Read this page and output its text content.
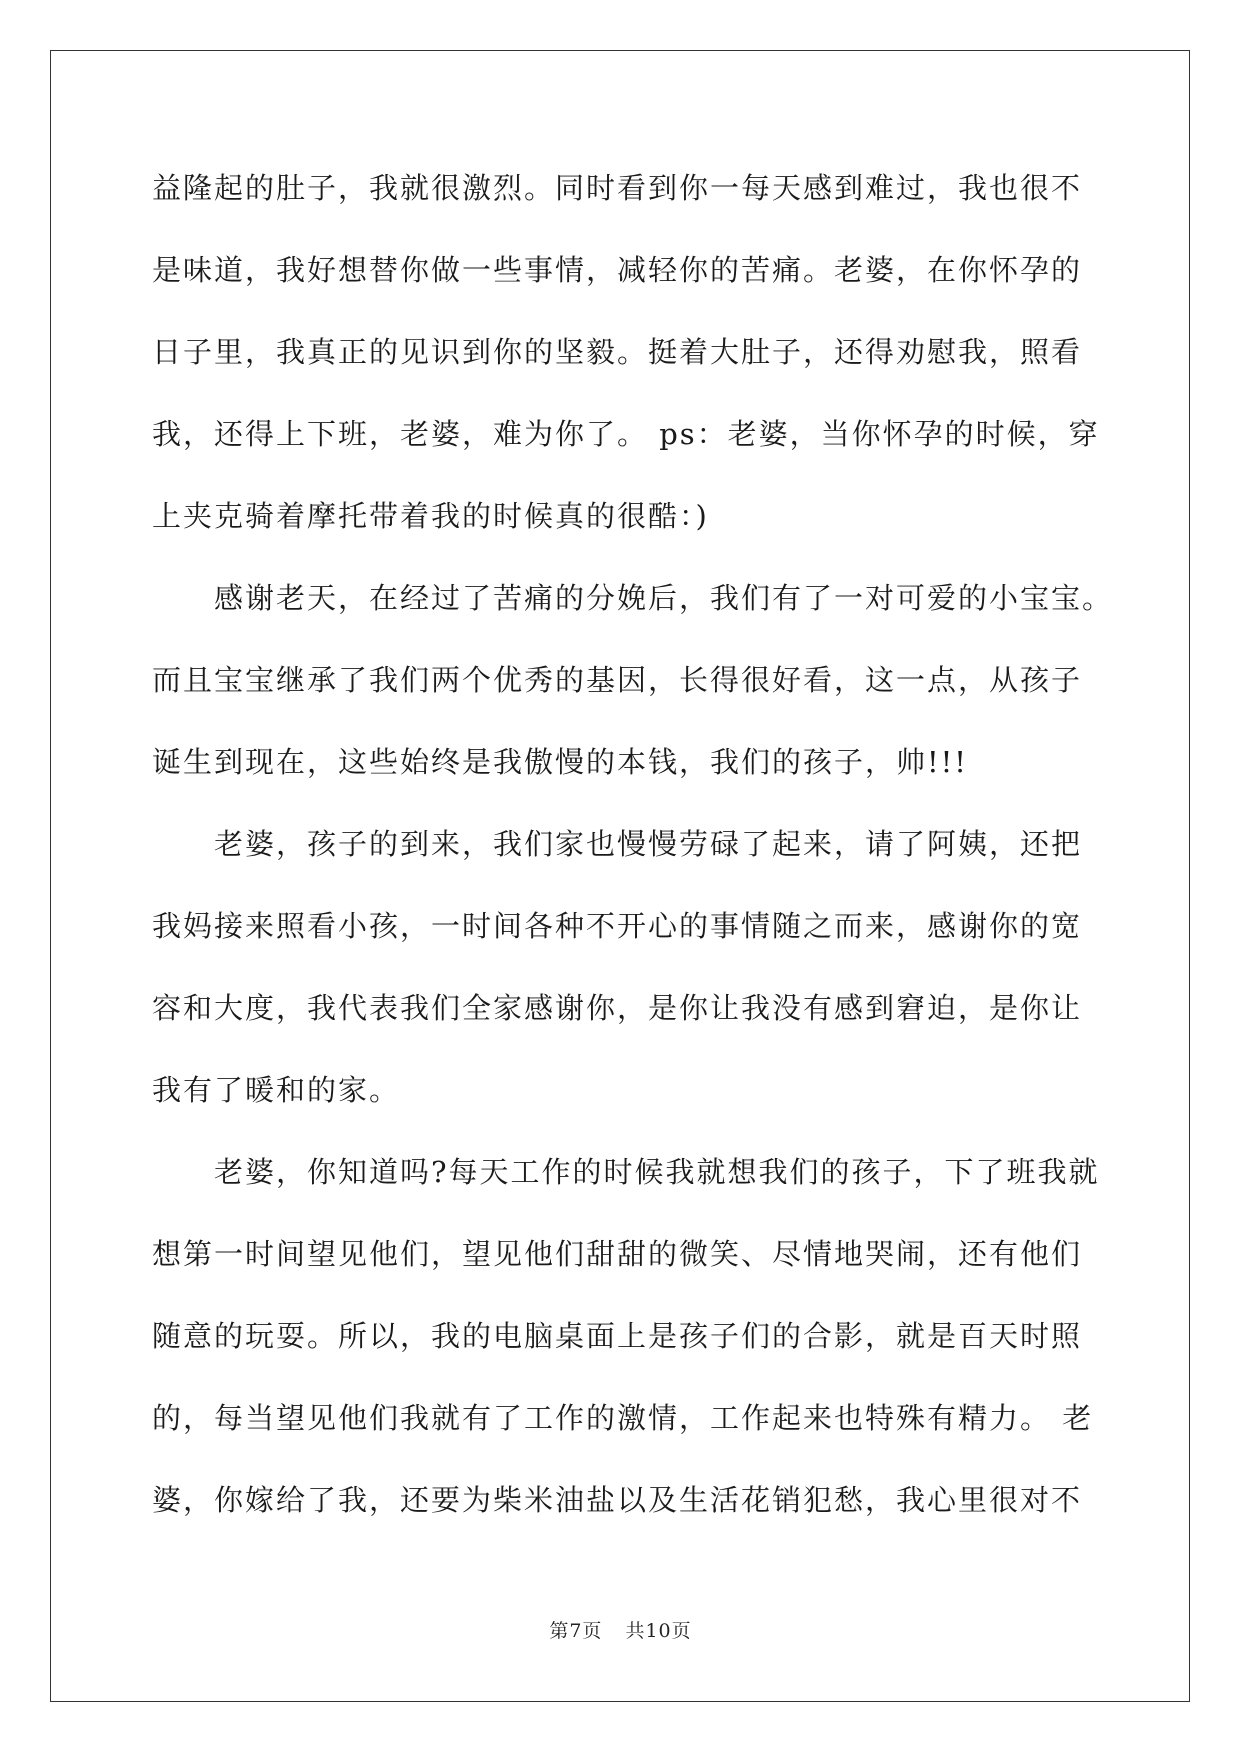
益隆起的肚子，我就很激烈。同时看到你一每天感到难过，我也很不
是味道，我好想替你做一些事情，减轻你的苦痛。老婆，在你怀孕的
日子里，我真正的见识到你的坚毅。挺着大肚子，还得劝慰我，照看
我，还得上下班，老婆，难为你了。 ps：老婆，当你怀孕的时候，穿
上夹克骑着摩托带着我的时候真的很酷：)
感谢老天，在经过了苦痛的分娩后，我们有了一对可爱的小宝宝。
而且宝宝继承了我们两个优秀的基因，长得很好看，这一点，从孩子
诞生到现在，这些始终是我傲慢的本钱，我们的孩子，帅!!!
老婆，孩子的到来，我们家也慢慢劳碌了起来，请了阿姨，还把
我妈接来照看小孩，一时间各种不开心的事情随之而来，感谢你的宽
容和大度，我代表我们全家感谢你，是你让我没有感到窘迫，是你让
我有了暖和的家。
老婆，你知道吗?每天工作的时候我就想我们的孩子，下了班我就
想第一时间望见他们，望见他们甜甜的微笑、尽情地哭闹，还有他们
随意的玩耍。所以，我的电脑桌面上是孩子们的合影，就是百天时照
的，每当望见他们我就有了工作的激情，工作起来也特殊有精力。 老
婆，你嫁给了我，还要为柴米油盐以及生活花销犯愁，我心里很对不
第7页 共10页
